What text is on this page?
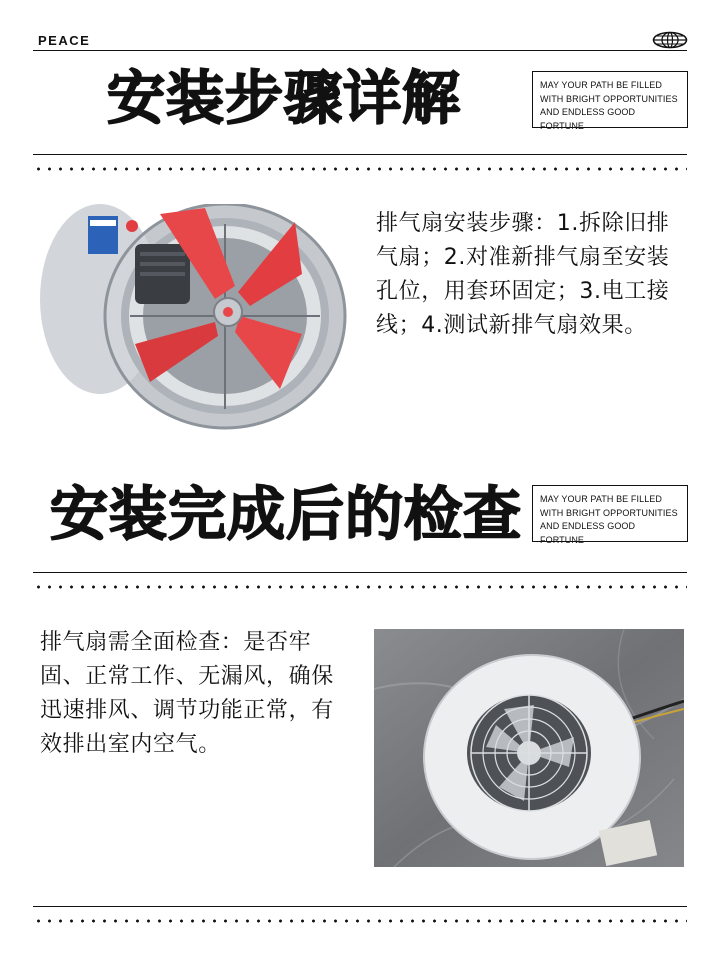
PEACE
安装步骤详解	MAY YOUR PATH BE FILLED
WITH BRIGHT OPPORTUNITIES
AND ENDLESS GOOD FORTUNE
排气扇安装步骤：1.拆除旧排气扇；2.对准新排气扇至安装孔位，用套环固定；3.电工接线；4.测试新排气扇效果。
安装完成后的检查	MAY YOUR PATH BE FILLED
WITH BRIGHT OPPORTUNITIES
AND ENDLESS GOOD FORTUNE
排气扇需全面检查：是否牢固、正常工作、无漏风，确保迅速排风、调节功能正常，有效排出室内空气。
